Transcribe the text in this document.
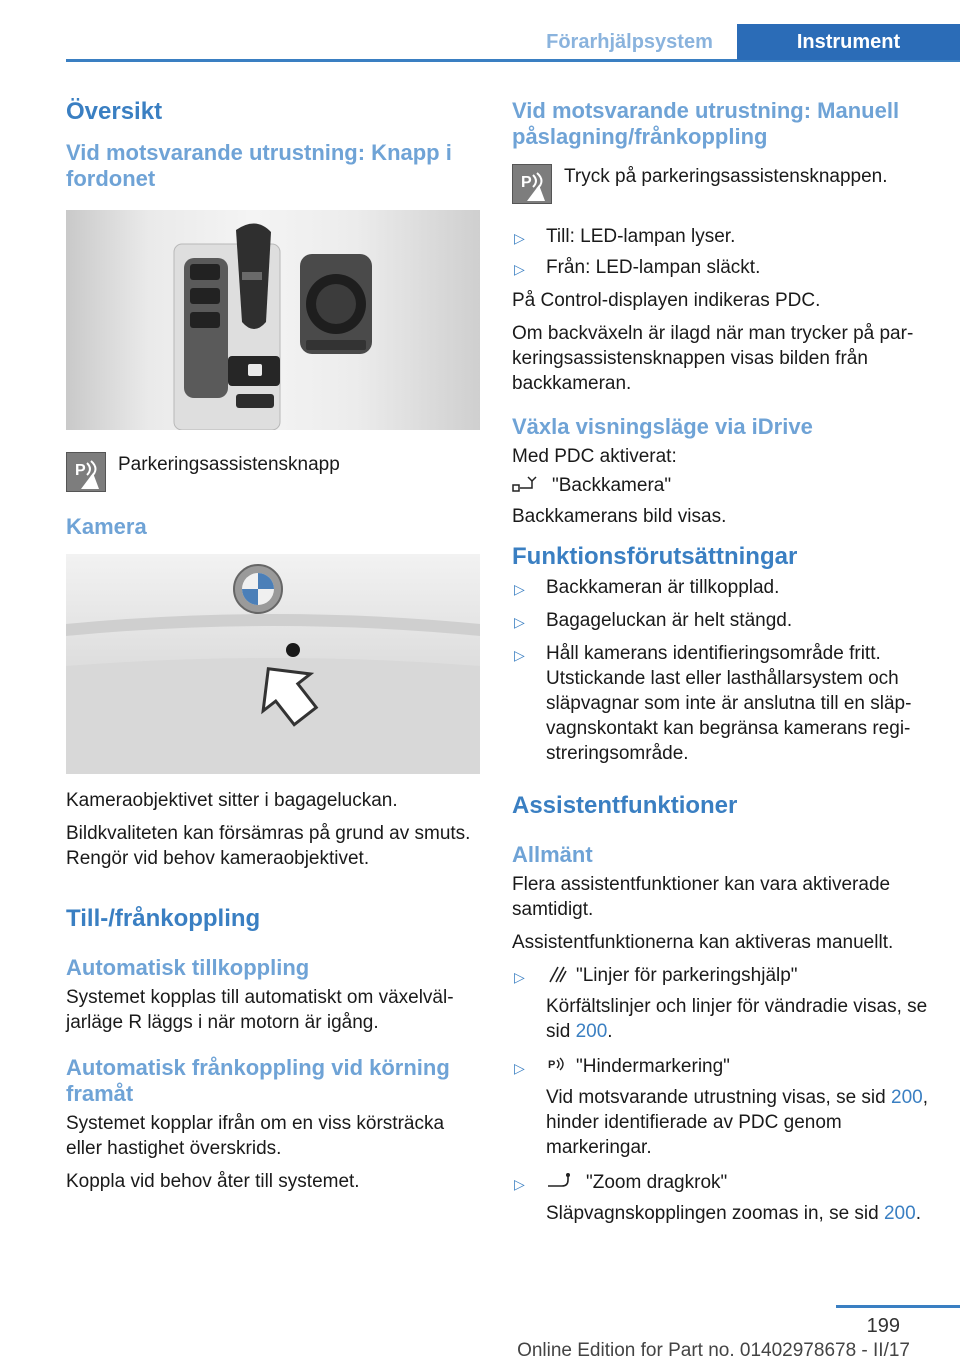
Förarhjälpsystem	Instrument
Översikt
Vid motsvarande utrustning: Knapp i fordonet
P Parkeringsassistensknapp
Kamera

Kameraobjektivet sitter i bagageluckan.

Bildkvaliteten kan försämras på grund av smuts. Rengör vid behov kameraobjektivet.

Till-/frånkoppling
Automatisk tillkoppling

Systemet kopplas till automatiskt om växelväljarläge R läggs i när motorn är igång.

Automatisk frånkoppling vid körning framåt

Systemet kopplar ifrån om en viss körsträcka eller hastighet överskrids.

Koppla vid behov åter till systemet.

Vid motsvarande utrustning: Manuell påslagning/frånkoppling
P Tryck på parkeringsassistensknappen.
▷ Till: LED-lampan lyser.
▷ Från: LED-lampan släckt.

På Control-displayen indikeras PDC.

Om backväxeln är ilagd när man trycker på parkeringsassistensknappen visas bilden från backkameran.

Växla visningsläge via iDrive

Med PDC aktiverat:

"Backkamera"

Backkamerans bild visas.

Funktionsförutsättningar
▷ Backkameran är tillkopplad.
▷ Bagageluckan är helt stängd.
▷ Håll kamerans identifieringsområde fritt. Utstickande last eller lasthållarsystem och släpvagnar som inte är anslutna till en släpvagnskontakt kan begränsa kamerans registreringsområde.
Assistentfunktioner
Allmänt

Flera assistentfunktioner kan vara aktiverade samtidigt.

Assistentfunktionerna kan aktiveras manuellt.

▷	"Linjer för parkeringshjälp"
Körfältslinjer och linjer för vändradie visas, se sid 200.
▷ P "Hindermarkering"
Vid motsvarande utrustning visas, se sid 200, hinder identifierade av PDC genom markeringar.
▷	"Zoom dragkrok"
Släpvagnskopplingen zoomas in, se sid 200.
199
Online Edition for Part no. 01402978678 - II/17
